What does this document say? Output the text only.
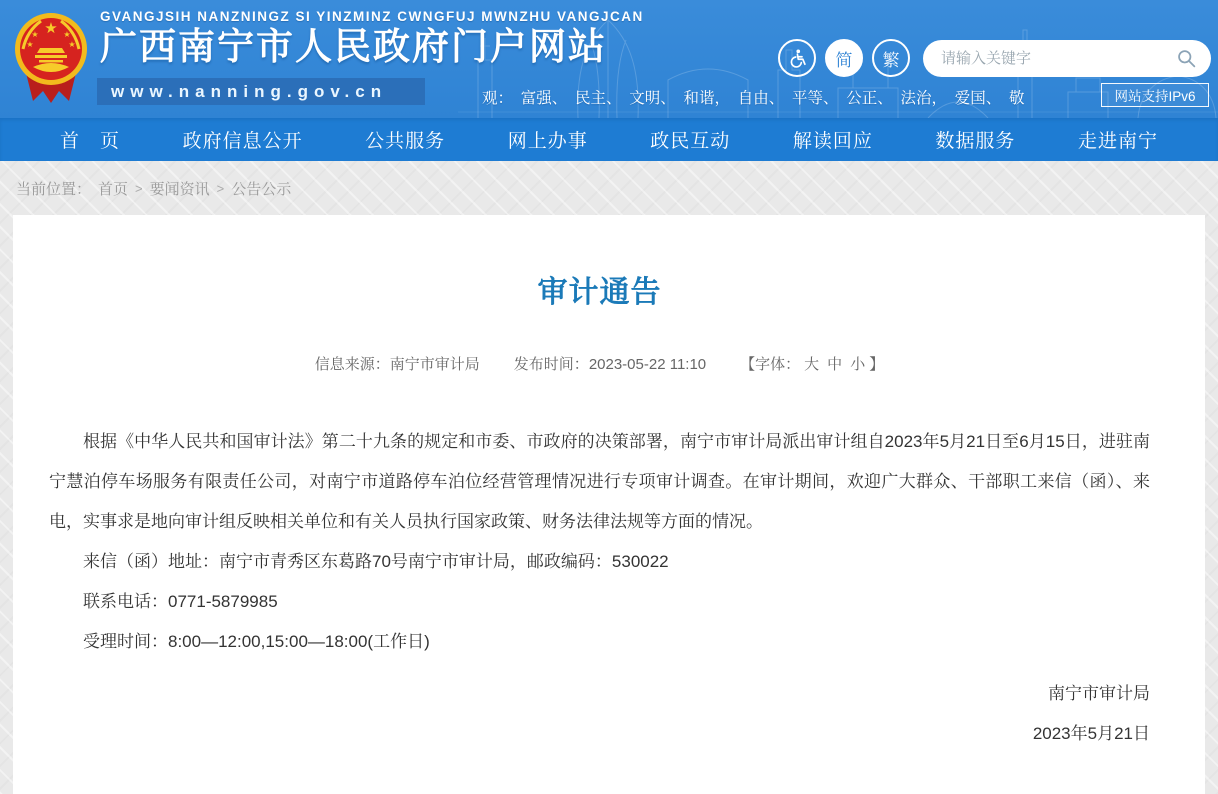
★
★	★
★	★
GVANGJSIH NANZNINGZ SI YINZMINZ CWNGFUJ MWNZHU VANGJCAN
广西南宁市人民政府门户网站
www.nanning.gov.cn
简	繁
请输入关键字
观：　富强、　民主、　文明、　和谐，　自由、　平等、　公正、　法治，　爱国、　敬	网站支持IPv6
首　页	政府信息公开	公共服务	网上办事	政民互动	解读回应	数据服务	走进南宁
当前位置： 首页 > 要闻资讯 > 公告公示
审计通告
信息来源：南宁市审计局 发布时间：2023-05-22 11:10 【字体： 大 中 小 】

根据《中华人民共和国审计法》第二十九条的规定和市委、市政府的决策部署，南宁市审计局派出审计组自2023年5月21日至6月15日，进驻南宁慧泊停车场服务有限责任公司，对南宁市道路停车泊位经营管理情况进行专项审计调查。在审计期间，欢迎广大群众、干部职工来信（函）、来电，实事求是地向审计组反映相关单位和有关人员执行国家政策、财务法律法规等方面的情况。

来信（函）地址：南宁市青秀区东葛路70号南宁市审计局，邮政编码：530022

联系电话：0771-5879985

受理时间：8:00—12:00,15:00—18:00(工作日)

南宁市审计局
2023年5月21日
